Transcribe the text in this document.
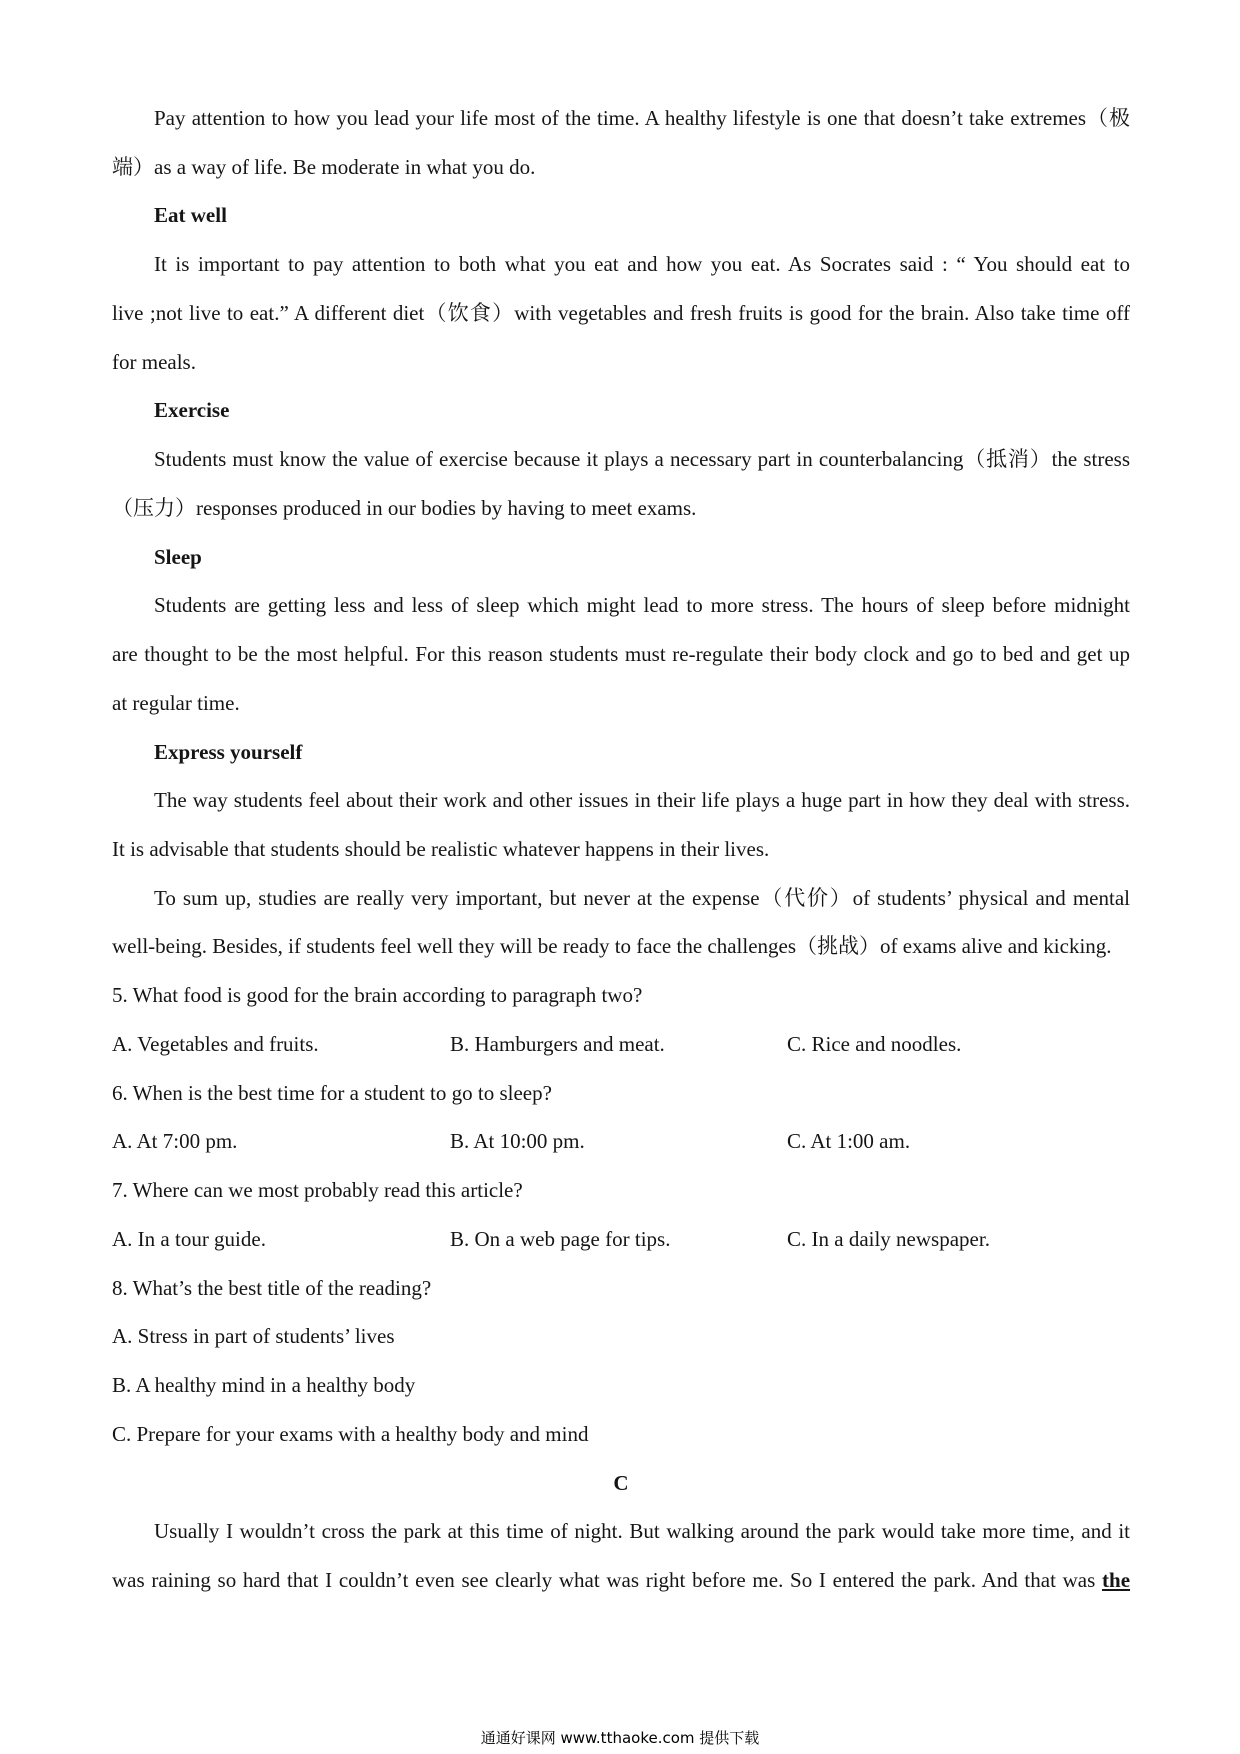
Pay attention to how you lead your life most of the time. A healthy lifestyle is one that doesn’t take extremes（极
端）as a way of life. Be moderate in what you do.
Eat well
It is important to pay attention to both what you eat and how you eat. As Socrates said : “ You should eat to
live ;not live to eat.” A different diet（饮食）with vegetables and fresh fruits is good for the brain. Also take time off
for meals.
Exercise
Students must know the value of exercise because it plays a necessary part in counterbalancing（抵消）the stress
（压力）responses produced in our bodies by having to meet exams.
Sleep
Students are getting less and less of sleep which might lead to more stress. The hours of sleep before midnight
are thought to be the most helpful. For this reason students must re-regulate their body clock and go to bed and get up
at regular time.
Express yourself
The way students feel about their work and other issues in their life plays a huge part in how they deal with stress.
It is advisable that students should be realistic whatever happens in their lives.
To sum up, studies are really very important, but never at the expense（代价）of students’ physical and mental
well-being. Besides, if students feel well they will be ready to face the challenges（挑战）of exams alive and kicking.
5. What food is good for the brain according to paragraph two?
A. Vegetables and fruits.	B. Hamburgers and meat.	C. Rice and noodles.
6. When is the best time for a student to go to sleep?
A. At 7:00 pm.	B. At 10:00 pm.	C. At 1:00 am.
7. Where can we most probably read this article?
A. In a tour guide.	B. On a web page for tips.	C. In a daily newspaper.
8. What’s the best title of the reading?
A. Stress in part of students’ lives
B. A healthy mind in a healthy body
C. Prepare for your exams with a healthy body and mind
C
Usually I wouldn’t cross the park at this time of night. But walking around the park would take more time, and it
was raining so hard that I couldn’t even see clearly what was right before me. So I entered the park. And that was the
通通好课网 www.tthaoke.com 提供下载
